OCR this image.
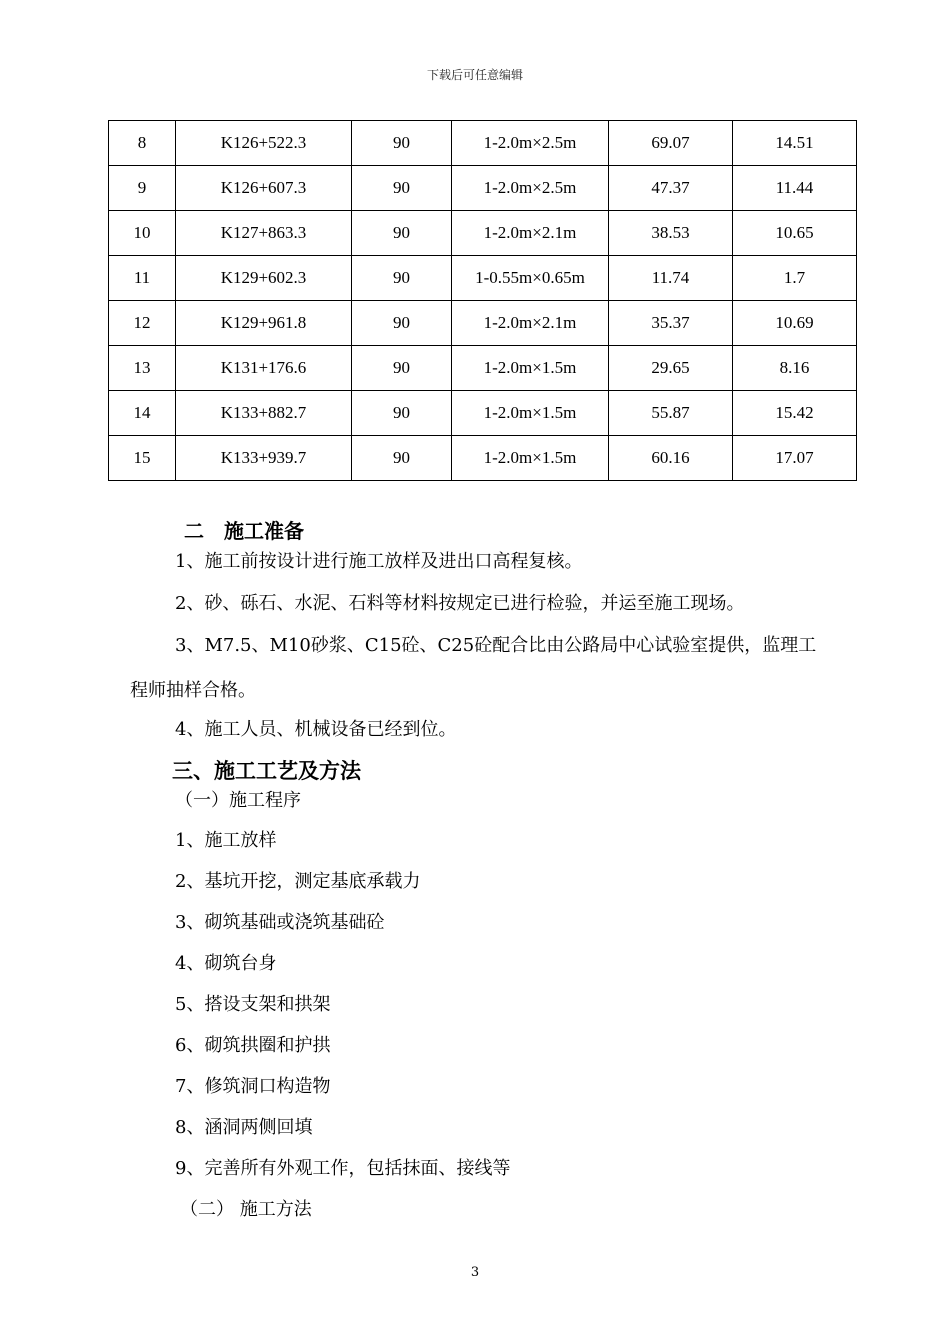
下载后可任意编辑
8	K126+522.3	90	1-2.0m×2.5m	69.07	14.51
9	K126+607.3	90	1-2.0m×2.5m	47.37	11.44
10	K127+863.3	90	1-2.0m×2.1m	38.53	10.65
11	K129+602.3	90	1-0.55m×0.65m	11.74	1.7
12	K129+961.8	90	1-2.0m×2.1m	35.37	10.69
13	K131+176.6	90	1-2.0m×1.5m	29.65	8.16
14	K133+882.7	90	1-2.0m×1.5m	55.87	15.42
15	K133+939.7	90	1-2.0m×1.5m	60.16	17.07
二　施工准备
1、施工前按设计进行施工放样及进出口高程复核。
2、砂、砾石、水泥、石料等材料按规定已进行检验，并运至施工现场。
3、M7.5、M10砂浆、C15砼、C25砼配合比由公路局中心试验室提供，监理工
程师抽样合格。
4、施工人员、机械设备已经到位。
三、施工工艺及方法
（一）施工程序
1、施工放样
2、基坑开挖，测定基底承载力
3、砌筑基础或浇筑基础砼
4、砌筑台身
5、搭设支架和拱架
6、砌筑拱圈和护拱
7、修筑洞口构造物
8、涵洞两侧回填
9、完善所有外观工作，包括抹面、接线等
（二） 施工方法
3
